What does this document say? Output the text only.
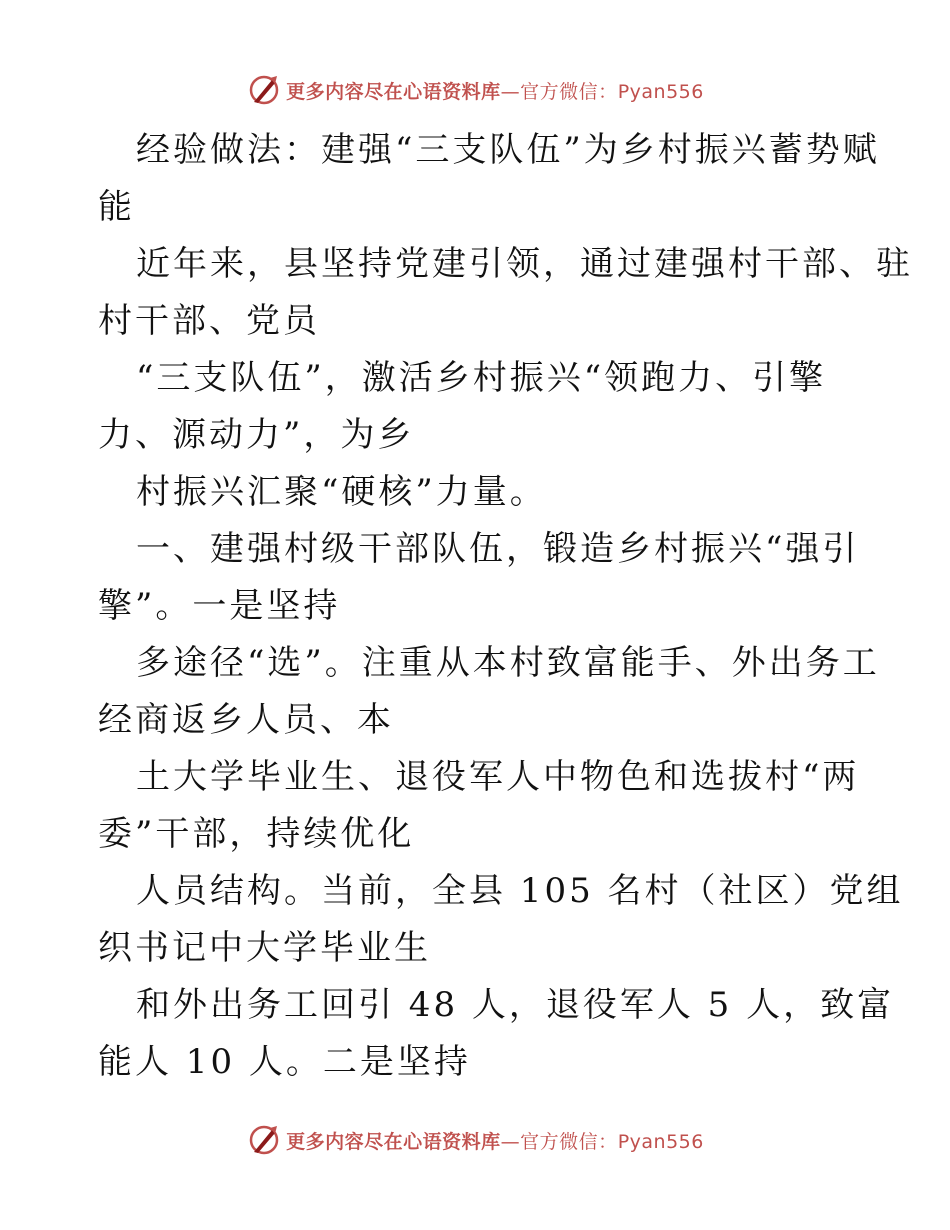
更多内容尽在心语资料库—官方微信：Pyan556
经验做法：建强“三支队伍”为乡村振兴蓄势赋
能
近年来，县坚持党建引领，通过建强村干部、驻
村干部、党员
“三支队伍”，激活乡村振兴“领跑力、引擎
力、源动力”，为乡
村振兴汇聚“硬核”力量。
一、建强村级干部队伍，锻造乡村振兴“强引
擎”。一是坚持
多途径“选”。注重从本村致富能手、外出务工
经商返乡人员、本
土大学毕业生、退役军人中物色和选拔村“两
委”干部，持续优化
人员结构。当前，全县 105 名村（社区）党组
织书记中大学毕业生
和外出务工回引 48 人，退役军人 5 人，致富
能人 10 人。二是坚持
更多内容尽在心语资料库—官方微信：Pyan556
